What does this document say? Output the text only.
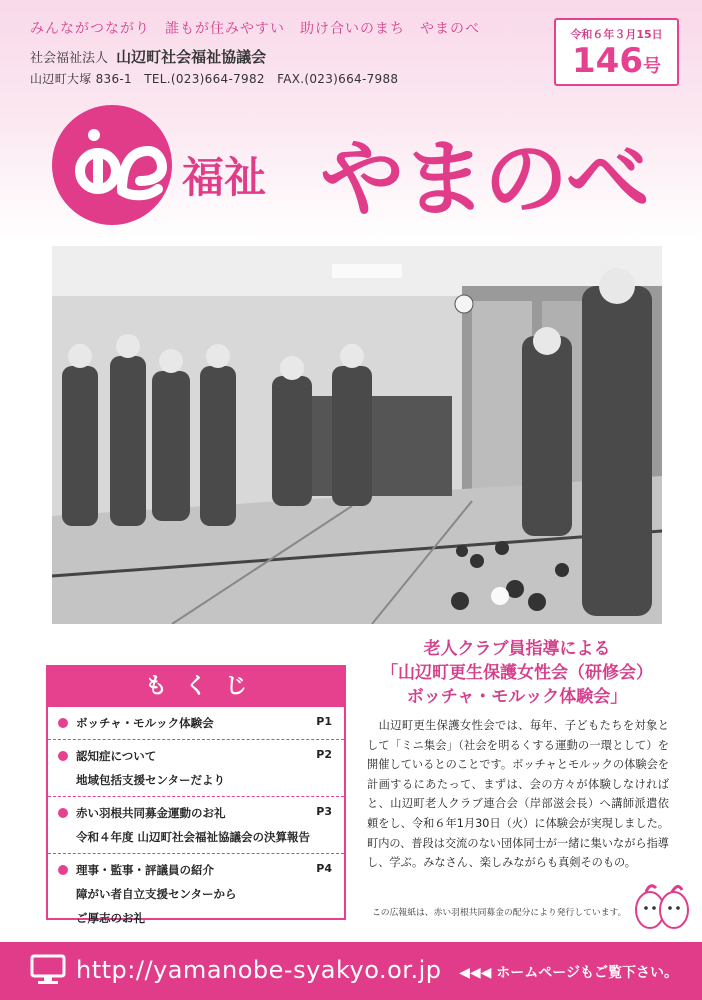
みんながつながり　誰もが住みやすい　助け合いのまち　やまのべ
社会福祉法人 山辺町社会福祉協議会
山辺町大塚 836-1　TEL.(023)664-7982　FAX.(023)664-7988
令和６年３月15日
146号
福祉 やまのべ
もくじ
ボッチャ・モルック体験会	P1
認知症について
地域包括支援センターだより
P2
赤い羽根共同募金運動のお礼
令和４年度 山辺町社会福祉協議会の決算報告
P3
理事・監事・評議員の紹介
障がい者自立支援センターから
ご厚志のお礼
P4
老人クラブ員指導による
「山辺町更生保護女性会（研修会）
ボッチャ・モルック体験会」
　山辺町更生保護女性会では、毎年、子どもたちを対象として「ミニ集会」（社会を明るくする運動の一環として）を開催しているとのことです。ボッチャとモルックの体験会を計画するにあたって、まずは、会の方々が体験しなければと、山辺町老人クラブ連合会（岸部滋会長）へ講師派遣依頼をし、令和６年1月30日（火）に体験会が実現しました。町内の、普段は交流のない団体同士が一緒に集いながら指導し、学ぶ。みなさん、楽しみながらも真剣そのもの。
この広報紙は、赤い羽根共同募金の配分により発行しています。
http://yamanobe-syakyo.or.jp ◀◀◀ ホームページもご覧下さい。
